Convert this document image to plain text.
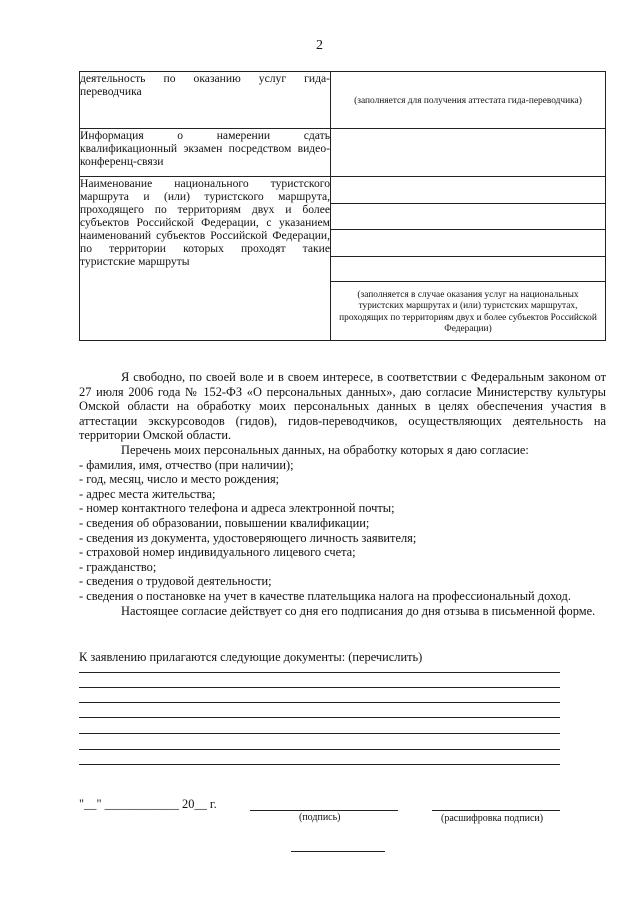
2
деятельность по оказанию услуг гида-переводчика	(заполняется для получения аттестата гида-переводчика)

Информация о намерении сдать квалификационный экзамен посредством видео-конференц-связи	
Наименование национального туристского маршрута и (или) туристского маршрута, проходящего по территориям двух и более субъектов Российской Федерации, с указанием наименований субъектов Российской Федерации, по территории которых проходят такие туристские маршруты	(заполняется в случае оказания услуг на национальных туристских маршрутах и (или) туристских маршрутах, проходящих по территориям двух и более субъектов Российской Федерации)
Я свободно, по своей воле и в своем интересе, в соответствии с Федеральным законом от 27 июля 2006 года № 152-ФЗ «О персональных данных», даю согласие Министерству культуры Омской области на обработку моих персональных данных в целях обеспечения участия в аттестации экскурсоводов (гидов), гидов-переводчиков, осуществляющих деятельность на территории Омской области.
Перечень моих персональных данных, на обработку которых я даю согласие:
- фамилия, имя, отчество (при наличии);
- год, месяц, число и место рождения;
- адрес места жительства;
- номер контактного телефона и адреса электронной почты;
- сведения об образовании, повышении квалификации;
- сведения из документа, удостоверяющего личность заявителя;
- страховой номер индивидуального лицевого счета;
- гражданство;
- сведения о трудовой деятельности;
- сведения о постановке на учет в качестве плательщика налога на профессиональный доход.
Настоящее согласие действует со дня его подписания до дня отзыва в письменной форме.
К заявлению прилагаются следующие документы: (перечислить)
"__" ____________ 20__ г.
(подпись)	(расшифровка подписи)
